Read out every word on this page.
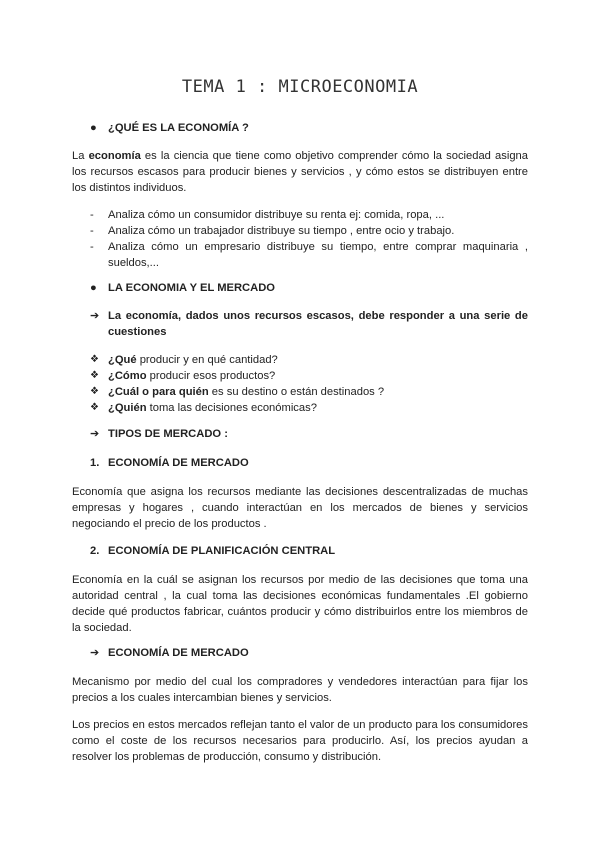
TEMA 1 : MICROECONOMIA
● ¿QUÉ ES LA ECONOMÍA ?
La economía es la ciencia que tiene como objetivo comprender cómo la sociedad asigna los recursos escasos para producir bienes y servicios , y cómo estos se distribuyen entre los distintos individuos.
- Analiza cómo un consumidor distribuye su renta ej: comida, ropa, ...
- Analiza cómo un trabajador distribuye su tiempo , entre ocio y trabajo.
- Analiza cómo un empresario distribuye su tiempo, entre comprar maquinaria , sueldos,...
● LA ECONOMIA Y EL MERCADO
➔ La economía, dados unos recursos escasos, debe responder a una serie de cuestiones
❖ ¿Qué producir y en qué cantidad?
❖ ¿Cómo producir esos productos?
❖ ¿Cuál o para quién es su destino o están destinados ?
❖ ¿Quién toma las decisiones económicas?
➔ TIPOS DE MERCADO :
1. ECONOMÍA DE MERCADO
Economía que asigna los recursos mediante las decisiones descentralizadas de muchas empresas y hogares , cuando interactúan en los mercados de bienes y servicios negociando el precio de los productos .
2. ECONOMÍA DE PLANIFICACIÓN CENTRAL
Economía en la cuál se asignan los recursos por medio de las decisiones que toma una autoridad central , la cual toma las decisiones económicas fundamentales .El gobierno decide qué productos fabricar, cuántos producir y cómo distribuirlos entre los miembros de la sociedad.
➔ ECONOMÍA DE MERCADO
Mecanismo por medio del cual los compradores y vendedores interactúan para fijar los precios a los cuales intercambian bienes y servicios.
Los precios en estos mercados reflejan tanto el valor de un producto para los consumidores como el coste de los recursos necesarios para producirlo. Así, los precios ayudan a resolver los problemas de producción, consumo y distribución.
